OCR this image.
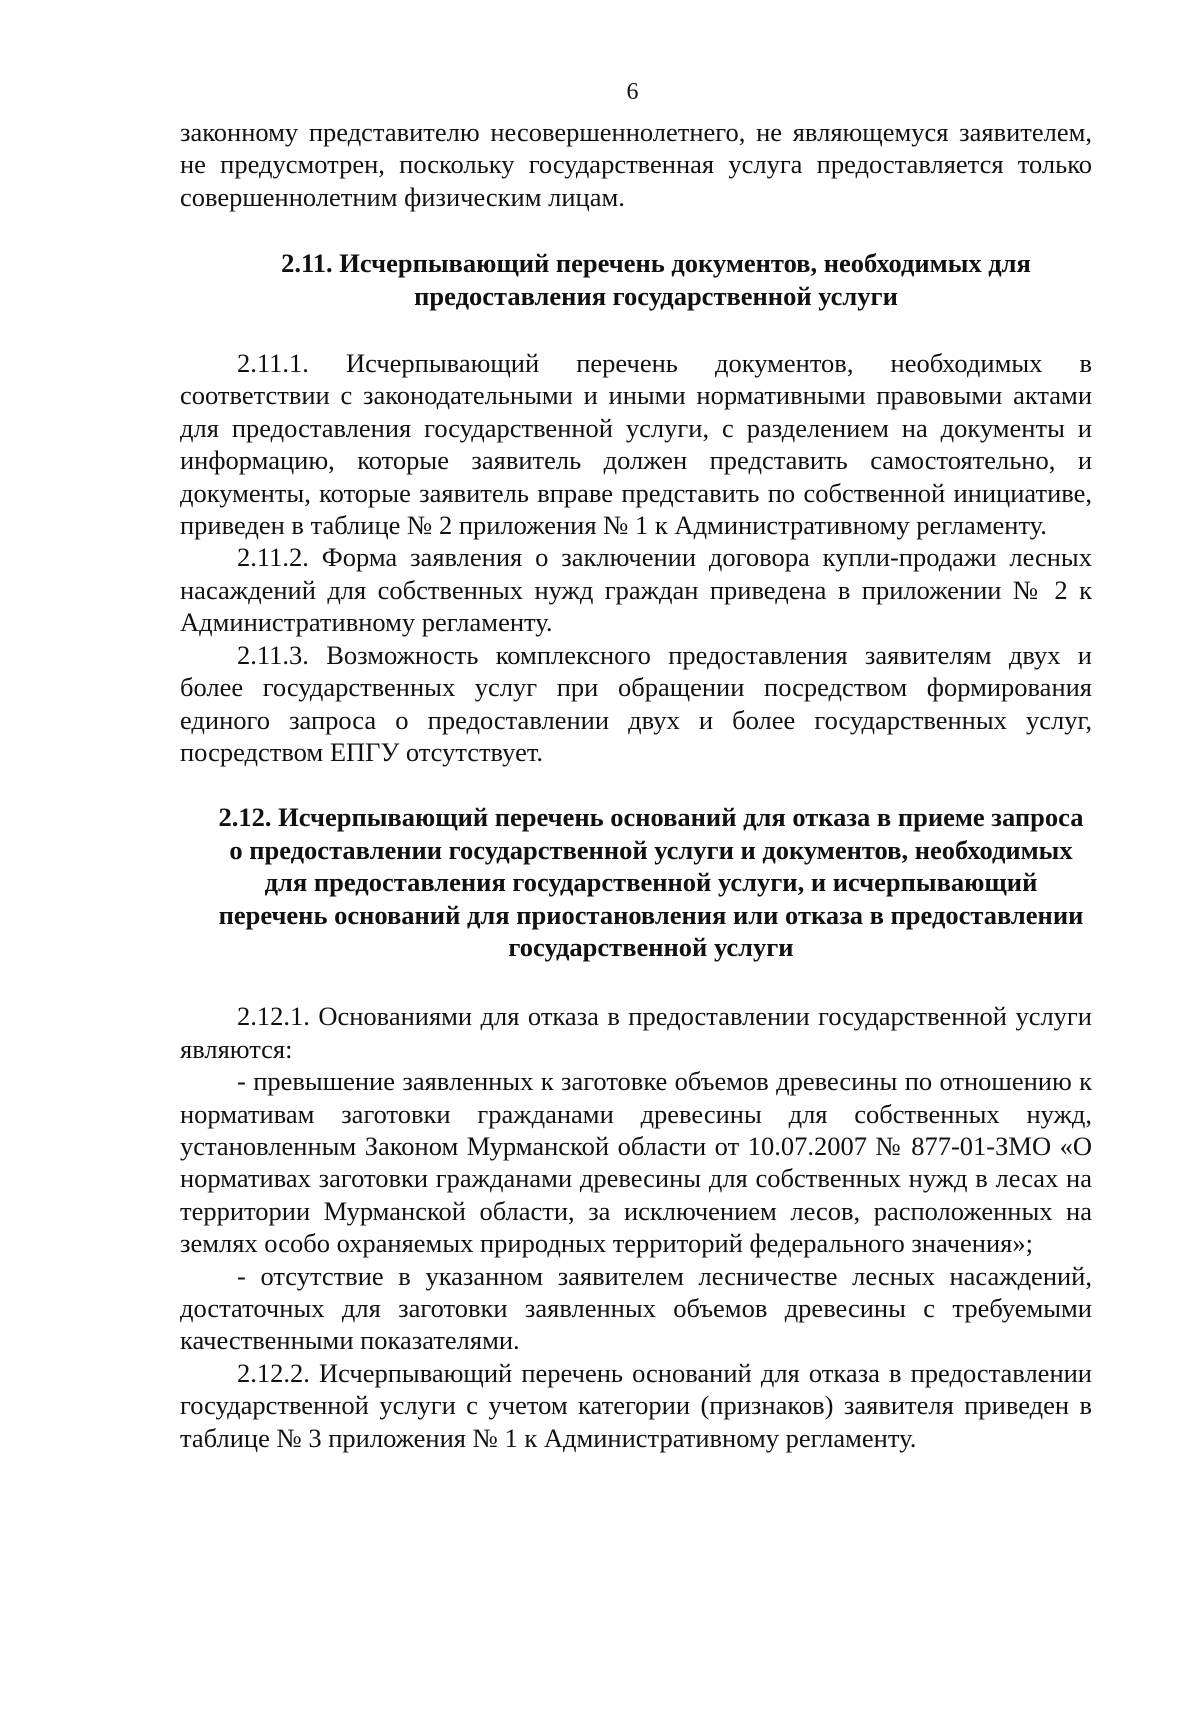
6

законному представителю несовершеннолетнего, не являющемуся заявителем, не предусмотрен, поскольку государственная услуга предоставляется только совершеннолетним физическим лицам.

2.11. Исчерпывающий перечень документов, необходимых для предоставления государственной услуги

2.11.1. Исчерпывающий перечень документов, необходимых в соответствии с законодательными и иными нормативными правовыми актами для предоставления государственной услуги, с разделением на документы и информацию, которые заявитель должен представить самостоятельно, и документы, которые заявитель вправе представить по собственной инициативе, приведен в таблице № 2 приложения № 1 к Административному регламенту.

2.11.2. Форма заявления о заключении договора купли-продажи лесных насаждений для собственных нужд граждан приведена в приложении № 2 к Административному регламенту.

2.11.3. Возможность комплексного предоставления заявителям двух и более государственных услуг при обращении посредством формирования единого запроса о предоставлении двух и более государственных услуг, посредством ЕПГУ отсутствует.

2.12. Исчерпывающий перечень оснований для отказа в приеме запроса о предоставлении государственной услуги и документов, необходимых для предоставления государственной услуги, и исчерпывающий перечень оснований для приостановления или отказа в предоставлении государственной услуги

2.12.1. Основаниями для отказа в предоставлении государственной услуги являются:

- превышение заявленных к заготовке объемов древесины по отношению к нормативам заготовки гражданами древесины для собственных нужд, установленным Законом Мурманской области от 10.07.2007 № 877-01-ЗМО «О нормативах заготовки гражданами древесины для собственных нужд в лесах на территории Мурманской области, за исключением лесов, расположенных на землях особо охраняемых природных территорий федерального значения»;

- отсутствие в указанном заявителем лесничестве лесных насаждений, достаточных для заготовки заявленных объемов древесины с требуемыми качественными показателями.

2.12.2. Исчерпывающий перечень оснований для отказа в предоставлении государственной услуги с учетом категории (признаков) заявителя приведен в таблице № 3 приложения № 1 к Административному регламенту.
